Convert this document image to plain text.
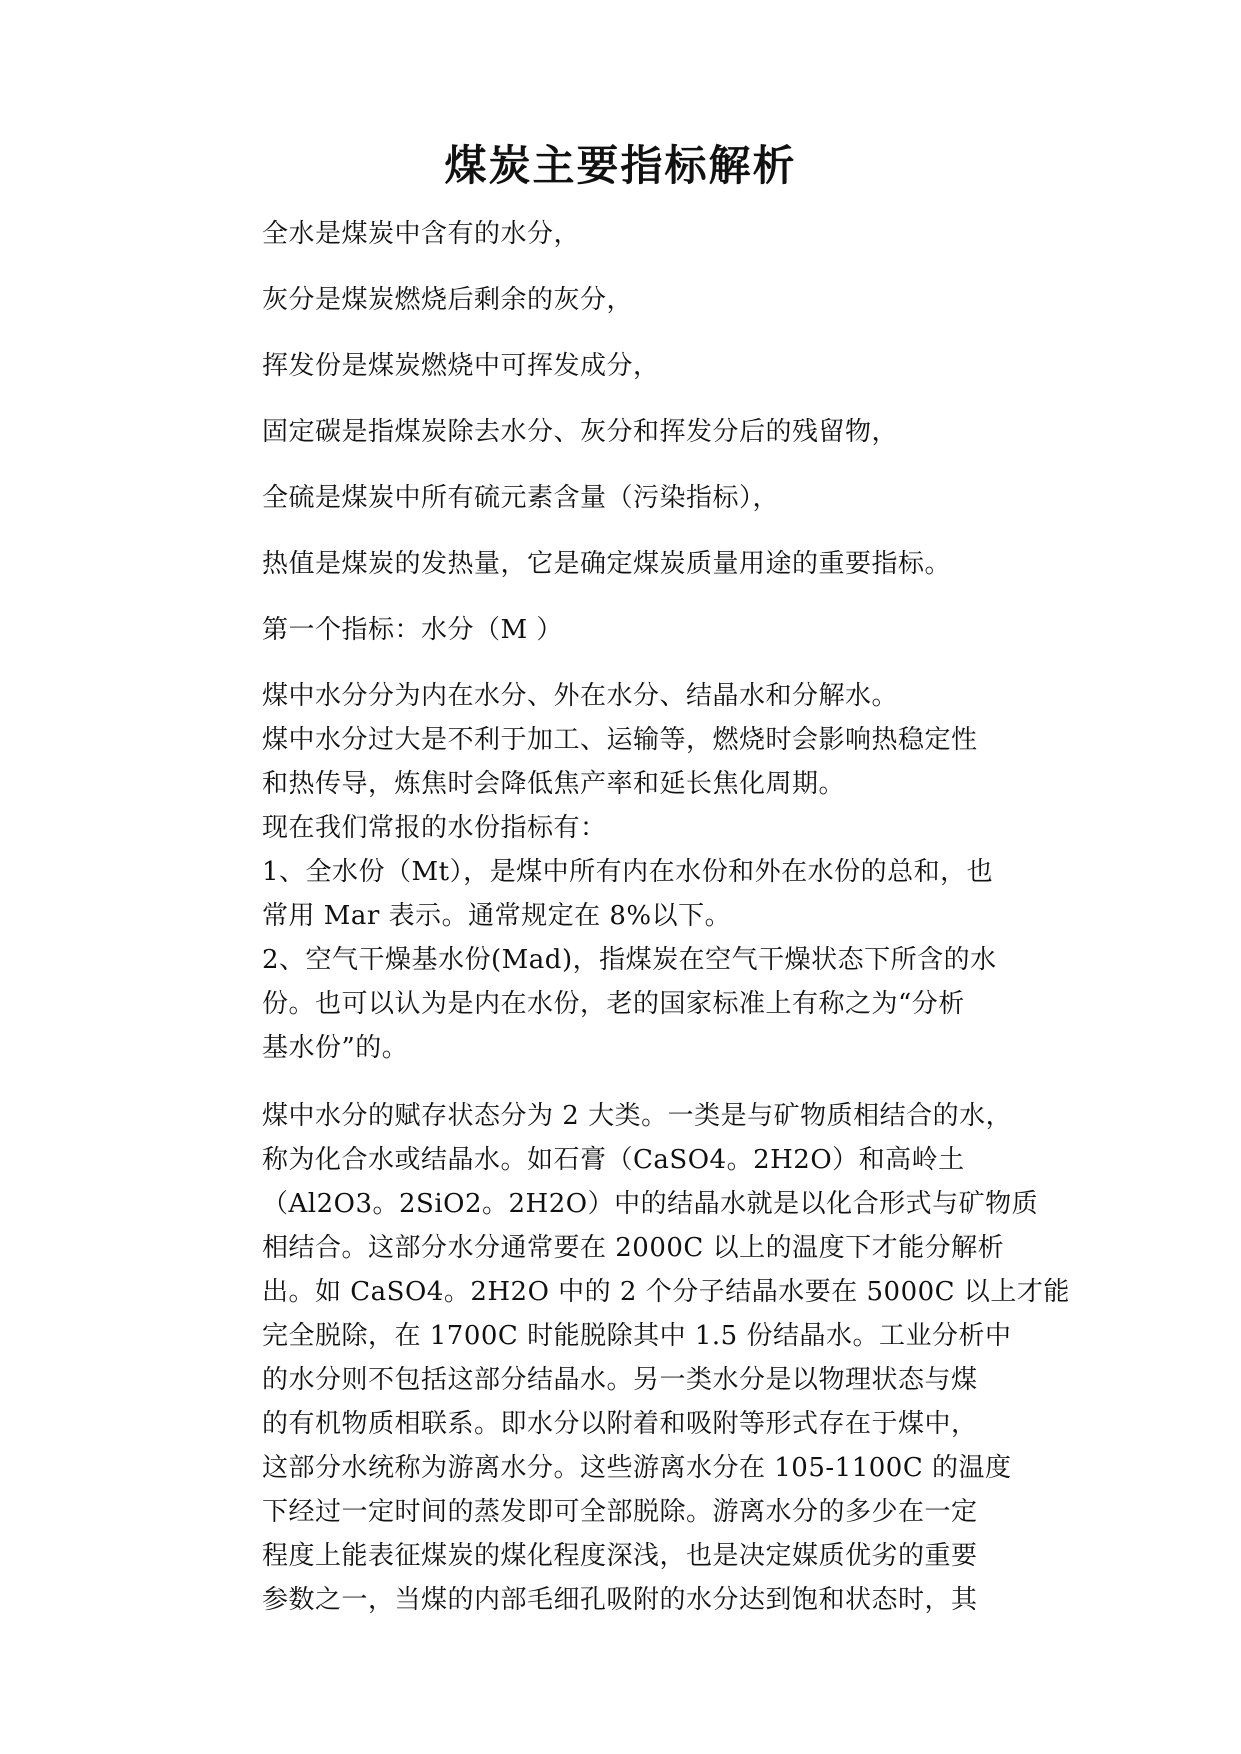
煤炭主要指标解析

全水是煤炭中含有的水分，

灰分是煤炭燃烧后剩余的灰分，

挥发份是煤炭燃烧中可挥发成分，

固定碳是指煤炭除去水分、灰分和挥发分后的残留物，

全硫是煤炭中所有硫元素含量（污染指标），

热值是煤炭的发热量，它是确定煤炭质量用途的重要指标。

第一个指标：水分（M ）

煤中水分分为内在水分、外在水分、结晶水和分解水。

煤中水分过大是不利于加工、运输等，燃烧时会影响热稳定性

和热传导，炼焦时会降低焦产率和延长焦化周期。

现在我们常报的水份指标有：

1、全水份（Mt），是煤中所有内在水份和外在水份的总和，也

常用 Mar 表示。通常规定在 8%以下。

2、空气干燥基水份(Mad)，指煤炭在空气干燥状态下所含的水

份。也可以认为是内在水份，老的国家标准上有称之为“分析

基水份”的。

煤中水分的赋存状态分为 2 大类。一类是与矿物质相结合的水，

称为化合水或结晶水。如石膏（CaSO4。2H2O）和高岭土

（Al2O3。2SiO2。2H2O）中的结晶水就是以化合形式与矿物质

相结合。这部分水分通常要在 2000C 以上的温度下才能分解析

出。如 CaSO4。2H2O 中的 2 个分子结晶水要在 5000C 以上才能

完全脱除，在 1700C 时能脱除其中 1.5 份结晶水。工业分析中

的水分则不包括这部分结晶水。另一类水分是以物理状态与煤

的有机物质相联系。即水分以附着和吸附等形式存在于煤中，

这部分水统称为游离水分。这些游离水分在 105-1100C 的温度

下经过一定时间的蒸发即可全部脱除。游离水分的多少在一定

程度上能表征煤炭的煤化程度深浅，也是决定媒质优劣的重要

参数之一，当煤的内部毛细孔吸附的水分达到饱和状态时，其
